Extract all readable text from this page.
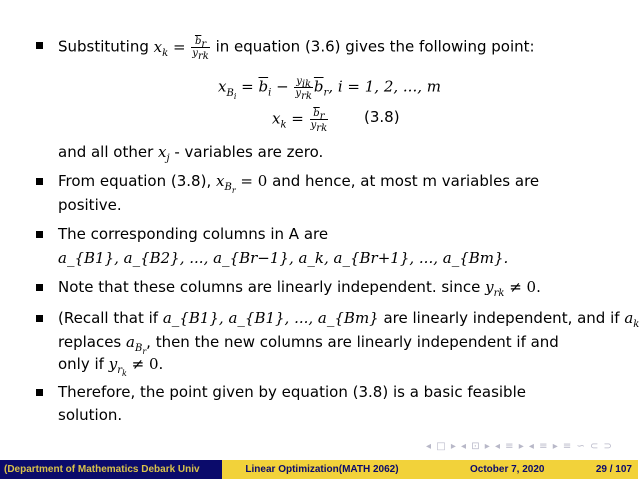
Substituting $x_k = \frac{\overline{b}_r}{y_{rk}}$ in equation (3.6) gives the following point:
$x_{B_i} = \overline{b}_i - \frac{y_{ik}}{y_{rk}} \overline{b}_r$, i = 1, 2, ..., m
$x_k = \frac{\overline{b}_r}{y_{rk}} (3.8)$
and all other $x_j$ - variables are zero.
From equation (3.8), $x_{B_r} = 0$ and hence, at most m variables are
positive.
The corresponding columns in A are
a_{B1}, a_{B2}, ..., a_{Br−1}, a_k, a_{Br+1}, ..., a_{Bm}.
Note that these columns are linearly independent. since $y_{rk} \ne 0$.
(Recall that if a_{B1}, a_{B1}, ..., a_{Bm} are linearly independent, and if $a_k$
replaces $a_{B_r}$, then the new columns are linearly independent if and
only if $y_{r_k} \ne 0$.
Therefore, the point given by equation (3.8) is a basic feasible
solution.
◂ □ ▸ ◂ ⊡ ▸ ◂ ≡ ▸ ◂ ≡ ▸ ≡ ∽ ⊂ ⊃
(Department of Mathematics Debark Univ	Linear Optimization(MATH 2062)	October 7, 2020	29 / 107
